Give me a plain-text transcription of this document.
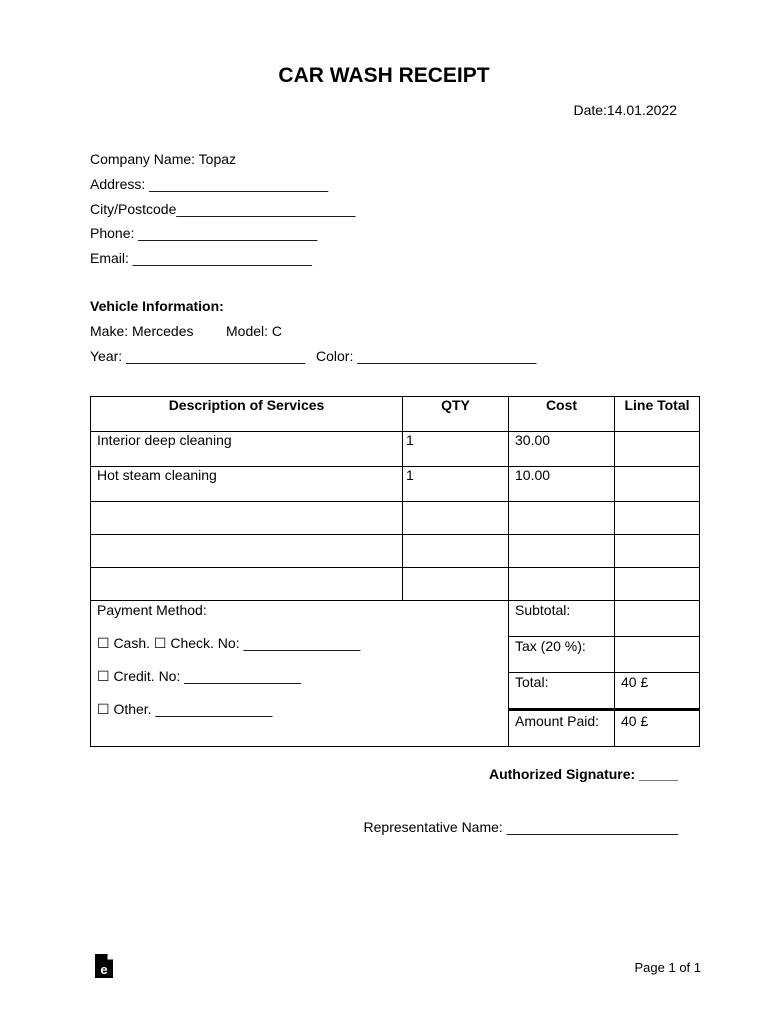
CAR WASH RECEIPT
Date:14.01.2022
Company Name: Topaz
Address: _______________________
City/Postcode_______________________
Phone: _______________________
Email: _______________________
Vehicle Information:
Make: Mercedes Model: C
Year: _______________________ Color: _______________________
Description of Services	QTY	Cost	Line Total
Interior deep cleaning	1	30.00	
Hot steam cleaning	1	10.00	

Payment Method:
☐ Cash. ☐ Check. No: _______________
☐ Credit. No: _______________
☐ Other. _______________		Subtotal:	
		Tax (20 %):	
		Total:	40 £
		Amount Paid:	40 £
Authorized Signature: _____
Representative Name: ______________________
e	Page 1 of 1
